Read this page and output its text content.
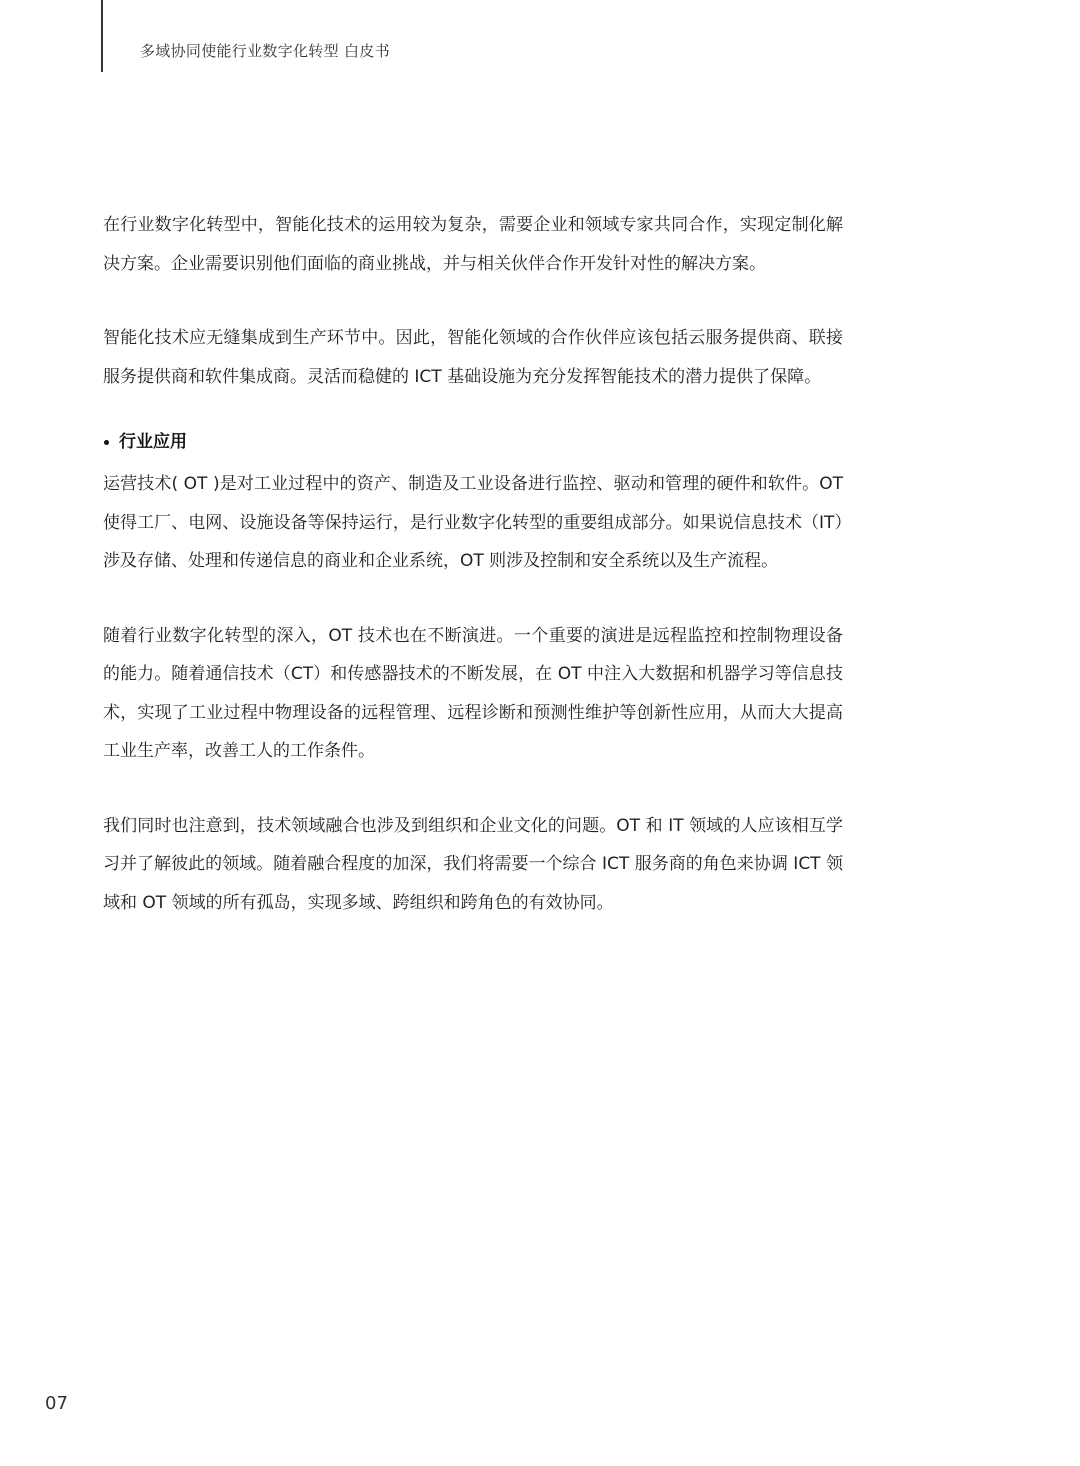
多域协同使能行业数字化转型 白皮书

在行业数字化转型中，智能化技术的运用较为复杂，需要企业和领域专家共同合作，实现定制化解决方案。企业需要识别他们面临的商业挑战，并与相关伙伴合作开发针对性的解决方案。

智能化技术应无缝集成到生产环节中。因此，智能化领域的合作伙伴应该包括云服务提供商、联接服务提供商和软件集成商。灵活而稳健的 ICT 基础设施为充分发挥智能技术的潜力提供了保障。

行业应用

运营技术( OT )是对工业过程中的资产、制造及工业设备进行监控、驱动和管理的硬件和软件。OT 使得工厂、电网、设施设备等保持运行，是行业数字化转型的重要组成部分。如果说信息技术（IT）涉及存储、处理和传递信息的商业和企业系统，OT 则涉及控制和安全系统以及生产流程。

随着行业数字化转型的深入，OT 技术也在不断演进。一个重要的演进是远程监控和控制物理设备的能力。随着通信技术（CT）和传感器技术的不断发展，在 OT 中注入大数据和机器学习等信息技术，实现了工业过程中物理设备的远程管理、远程诊断和预测性维护等创新性应用，从而大大提高工业生产率，改善工人的工作条件。

我们同时也注意到，技术领域融合也涉及到组织和企业文化的问题。OT 和 IT 领域的人应该相互学习并了解彼此的领域。随着融合程度的加深，我们将需要一个综合 ICT 服务商的角色来协调 ICT 领域和 OT 领域的所有孤岛，实现多域、跨组织和跨角色的有效协同。

07
